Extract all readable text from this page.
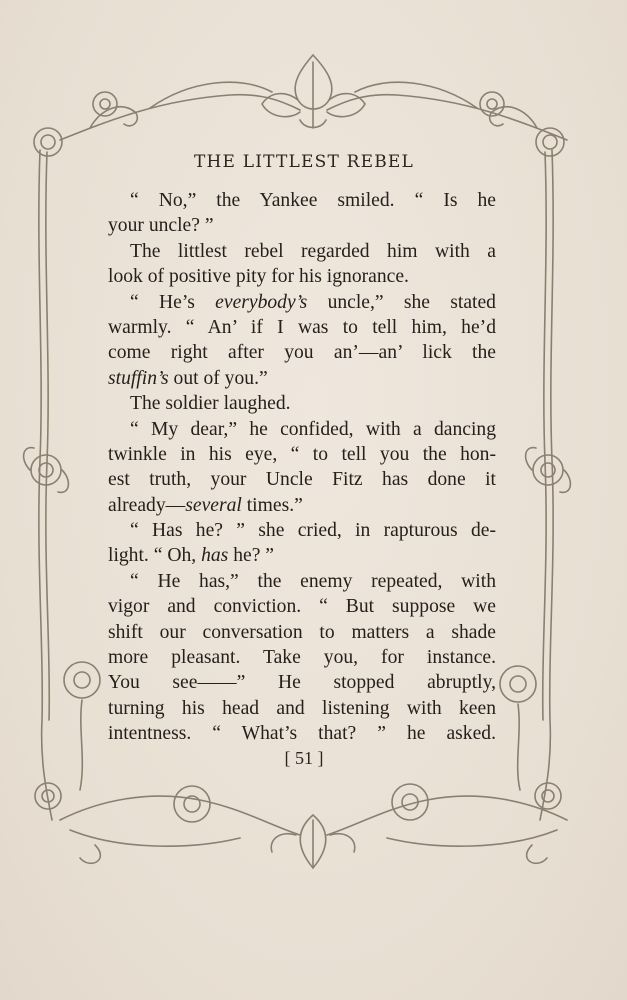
THE LITTLEST REBEL
“ No,” the Yankee smiled. “ Is he
your uncle? ”
The littlest rebel regarded him with a
look of positive pity for his ignorance.
“ He’s everybody’s uncle,” she stated
warmly. “ An’ if I was to tell him, he’d
come right after you an’—an’ lick the
stuffin’s out of you.”
The soldier laughed.
“ My dear,” he confided, with a dancing
twinkle in his eye, “ to tell you the hon-
est truth, your Uncle Fitz has done it
already—several times.”
“ Has he? ” she cried, in rapturous de-
light. “ Oh, has he? ”
“ He has,” the enemy repeated, with
vigor and conviction. “ But suppose we
shift our conversation to matters a shade
more pleasant. Take you, for instance.
You see——” He stopped abruptly,
turning his head and listening with keen
intentness. “ What’s that? ” he asked.
[ 51 ]
